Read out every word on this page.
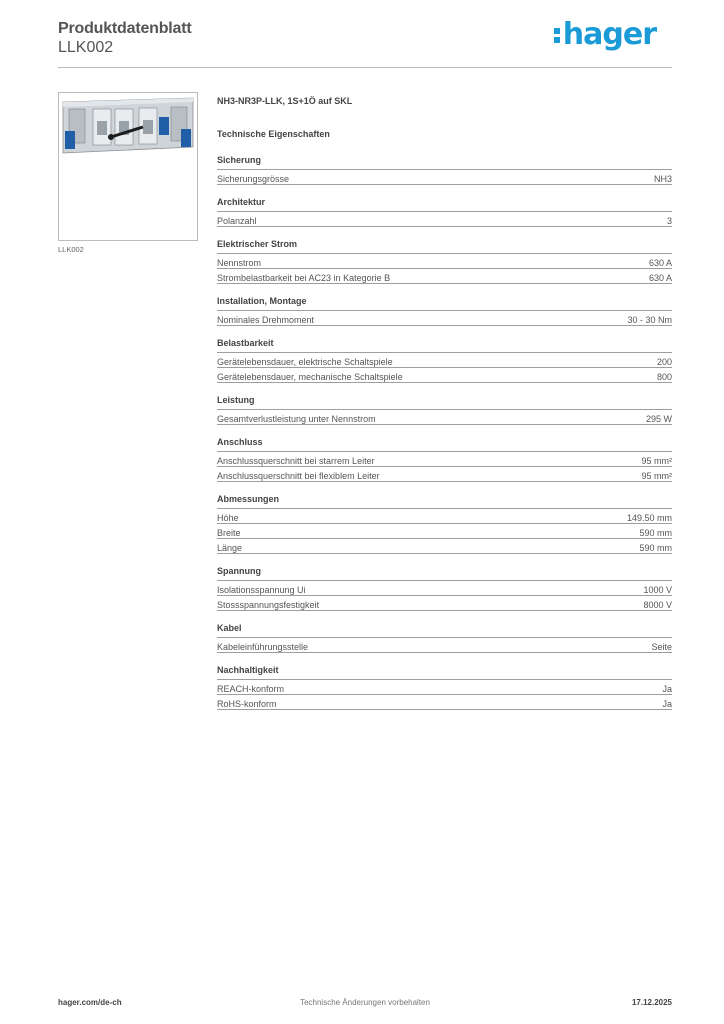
Produktdatenblatt
LLK002	hager
LLK002
NH3-NR3P-LLK, 1S+1Ö auf SKL
Technische Eigenschaften
Sicherung
Sicherungsgrösse	NH3
Architektur
Polanzahl	3
Elektrischer Strom
Nennstrom	630 A
Strombelastbarkeit bei AC23 in Kategorie B	630 A
Installation, Montage
Nominales Drehmoment	30 - 30 Nm
Belastbarkeit
Gerätelebensdauer, elektrische Schaltspiele	200
Gerätelebensdauer, mechanische Schaltspiele	800
Leistung
Gesamtverlustleistung unter Nennstrom	295 W
Anschluss
Anschlussquerschnitt bei starrem Leiter	95 mm²
Anschlussquerschnitt bei flexiblem Leiter	95 mm²
Abmessungen
Höhe	149.50 mm
Breite	590 mm
Länge	590 mm
Spannung
Isolationsspannung Ui	1000 V
Stossspannungsfestigkeit	8000 V
Kabel
Kabeleinführungsstelle	Seite
Nachhaltigkeit
REACH-konform	Ja
RoHS-konform	Ja
hager.com/de-ch	Technische Änderungen vorbehalten	17.12.2025
